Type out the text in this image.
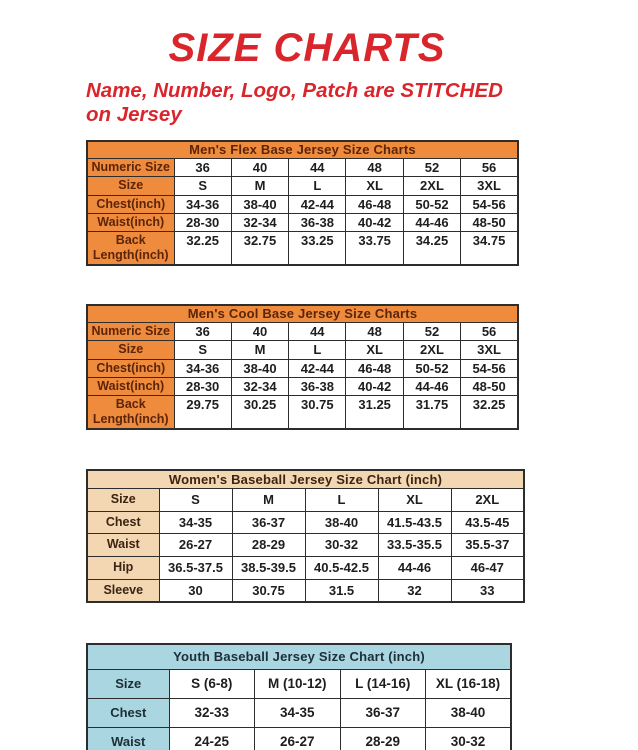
SIZE CHARTS
Name, Number, Logo, Patch are STITCHED
on Jersey
Men's Flex Base Jersey Size Charts						
Numeric Size	36	40	44	48	52	56
Size	S	M	L	XL	2XL	3XL
Chest(inch)	34-36	38-40	42-44	46-48	50-52	54-56
Waist(inch)	28-30	32-34	36-38	40-42	44-46	48-50
Back Length(inch)	32.25	32.75	33.25	33.75	34.25	34.75
Men's Cool Base Jersey Size Charts						
Numeric Size	36	40	44	48	52	56
Size	S	M	L	XL	2XL	3XL
Chest(inch)	34-36	38-40	42-44	46-48	50-52	54-56
Waist(inch)	28-30	32-34	36-38	40-42	44-46	48-50
Back Length(inch)	29.75	30.25	30.75	31.25	31.75	32.25
Women's Baseball Jersey Size Chart (inch)					
Size	S	M	L	XL	2XL
Chest	34-35	36-37	38-40	41.5-43.5	43.5-45
Waist	26-27	28-29	30-32	33.5-35.5	35.5-37
Hip	36.5-37.5	38.5-39.5	40.5-42.5	44-46	46-47
Sleeve	30	30.75	31.5	32	33
Youth Baseball Jersey Size Chart (inch)				
Size	S (6-8)	M (10-12)	L (14-16)	XL (16-18)
Chest	32-33	34-35	36-37	38-40
Waist	24-25	26-27	28-29	30-32
